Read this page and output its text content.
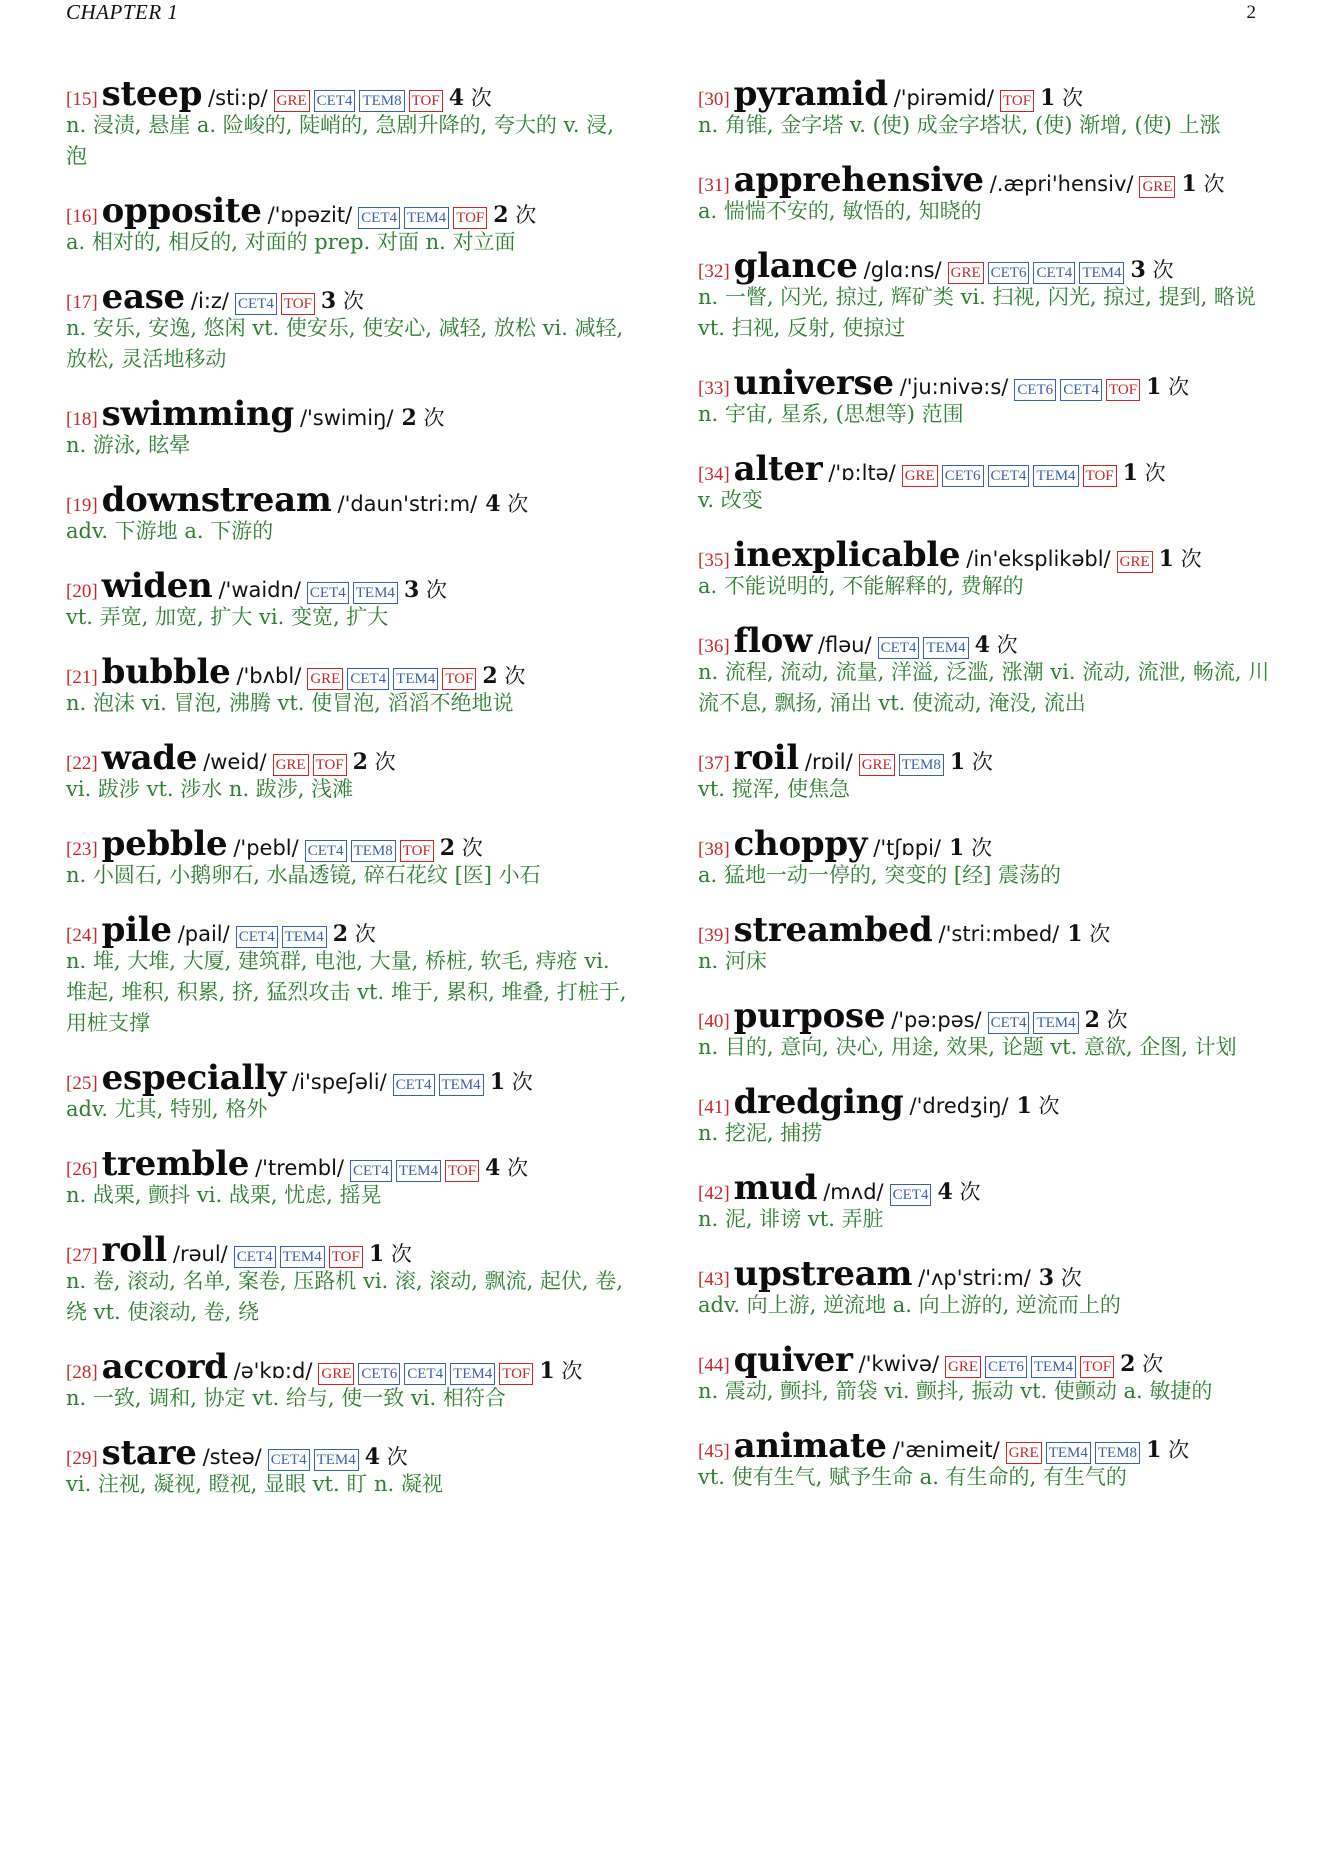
CHAPTER 1	2
[15] steep /sti:p/ GRE CET4 TEM8 TOF 4 次
n. 浸渍, 悬崖 a. 险峻的, 陡峭的, 急剧升降的, 夸大的 v. 浸, 泡
[16] opposite /'ɒpəzit/ CET4 TEM4 TOF 2 次
a. 相对的, 相反的, 对面的 prep. 对面 n. 对立面
[17] ease /i:z/ CET4 TOF 3 次
n. 安乐, 安逸, 悠闲 vt. 使安乐, 使安心, 减轻, 放松 vi. 减轻, 放松, 灵活地移动
[18] swimming /'swimiŋ/ 2 次
n. 游泳, 眩晕
[19] downstream /'daun'stri:m/ 4 次
adv. 下游地 a. 下游的
[20] widen /'waidn/ CET4 TEM4 3 次
vt. 弄宽, 加宽, 扩大 vi. 变宽, 扩大
[21] bubble /'bʌbl/ GRE CET4 TEM4 TOF 2 次
n. 泡沫 vi. 冒泡, 沸腾 vt. 使冒泡, 滔滔不绝地说
[22] wade /weid/ GRE TOF 2 次
vi. 跋涉 vt. 涉水 n. 跋涉, 浅滩
[23] pebble /'pebl/ CET4 TEM8 TOF 2 次
n. 小圆石, 小鹅卵石, 水晶透镜, 碎石花纹 [医] 小石
[24] pile /pail/ CET4 TEM4 2 次
n. 堆, 大堆, 大厦, 建筑群, 电池, 大量, 桥桩, 软毛, 痔疮 vi. 堆起, 堆积, 积累, 挤, 猛烈攻击 vt. 堆于, 累积, 堆叠, 打桩于, 用桩支撑
[25] especially /i'speʃəli/ CET4 TEM4 1 次
adv. 尤其, 特别, 格外
[26] tremble /'trembl/ CET4 TEM4 TOF 4 次
n. 战栗, 颤抖 vi. 战栗, 忧虑, 摇晃
[27] roll /rəul/ CET4 TEM4 TOF 1 次
n. 卷, 滚动, 名单, 案卷, 压路机 vi. 滚, 滚动, 飘流, 起伏, 卷, 绕 vt. 使滚动, 卷, 绕
[28] accord /ə'kɒ:d/ GRE CET6 CET4 TEM4 TOF 1 次
n. 一致, 调和, 协定 vt. 给与, 使一致 vi. 相符合
[29] stare /steə/ CET4 TEM4 4 次
vi. 注视, 凝视, 瞪视, 显眼 vt. 盯 n. 凝视
[30] pyramid /'pirəmid/ TOF 1 次
n. 角锥, 金字塔 v. (使) 成金字塔状, (使) 渐增, (使) 上涨
[31] apprehensive /.æpri'hensiv/ GRE 1 次
a. 惴惴不安的, 敏悟的, 知晓的
[32] glance /glɑ:ns/ GRE CET6 CET4 TEM4 3 次
n. 一瞥, 闪光, 掠过, 辉矿类 vi. 扫视, 闪光, 掠过, 提到, 略说 vt. 扫视, 反射, 使掠过
[33] universe /'ju:nivə:s/ CET6 CET4 TOF 1 次
n. 宇宙, 星系, (思想等) 范围
[34] alter /'ɒ:ltə/ GRE CET6 CET4 TEM4 TOF 1 次
v. 改变
[35] inexplicable /in'eksplikəbl/ GRE 1 次
a. 不能说明的, 不能解释的, 费解的
[36] flow /fləu/ CET4 TEM4 4 次
n. 流程, 流动, 流量, 洋溢, 泛滥, 涨潮 vi. 流动, 流泄, 畅流, 川流不息, 飘扬, 涌出 vt. 使流动, 淹没, 流出
[37] roil /rɒil/ GRE TEM8 1 次
vt. 搅浑, 使焦急
[38] choppy /'tʃɒpi/ 1 次
a. 猛地一动一停的, 突变的 [经] 震荡的
[39] streambed /'stri:mbed/ 1 次
n. 河床
[40] purpose /'pə:pəs/ CET4 TEM4 2 次
n. 目的, 意向, 决心, 用途, 效果, 论题 vt. 意欲, 企图, 计划
[41] dredging /'dredʒiŋ/ 1 次
n. 挖泥, 捕捞
[42] mud /mʌd/ CET4 4 次
n. 泥, 诽谤 vt. 弄脏
[43] upstream /'ʌp'stri:m/ 3 次
adv. 向上游, 逆流地 a. 向上游的, 逆流而上的
[44] quiver /'kwivə/ GRE CET6 TEM4 TOF 2 次
n. 震动, 颤抖, 箭袋 vi. 颤抖, 振动 vt. 使颤动 a. 敏捷的
[45] animate /'ænimeit/ GRE TEM4 TEM8 1 次
vt. 使有生气, 赋予生命 a. 有生命的, 有生气的
